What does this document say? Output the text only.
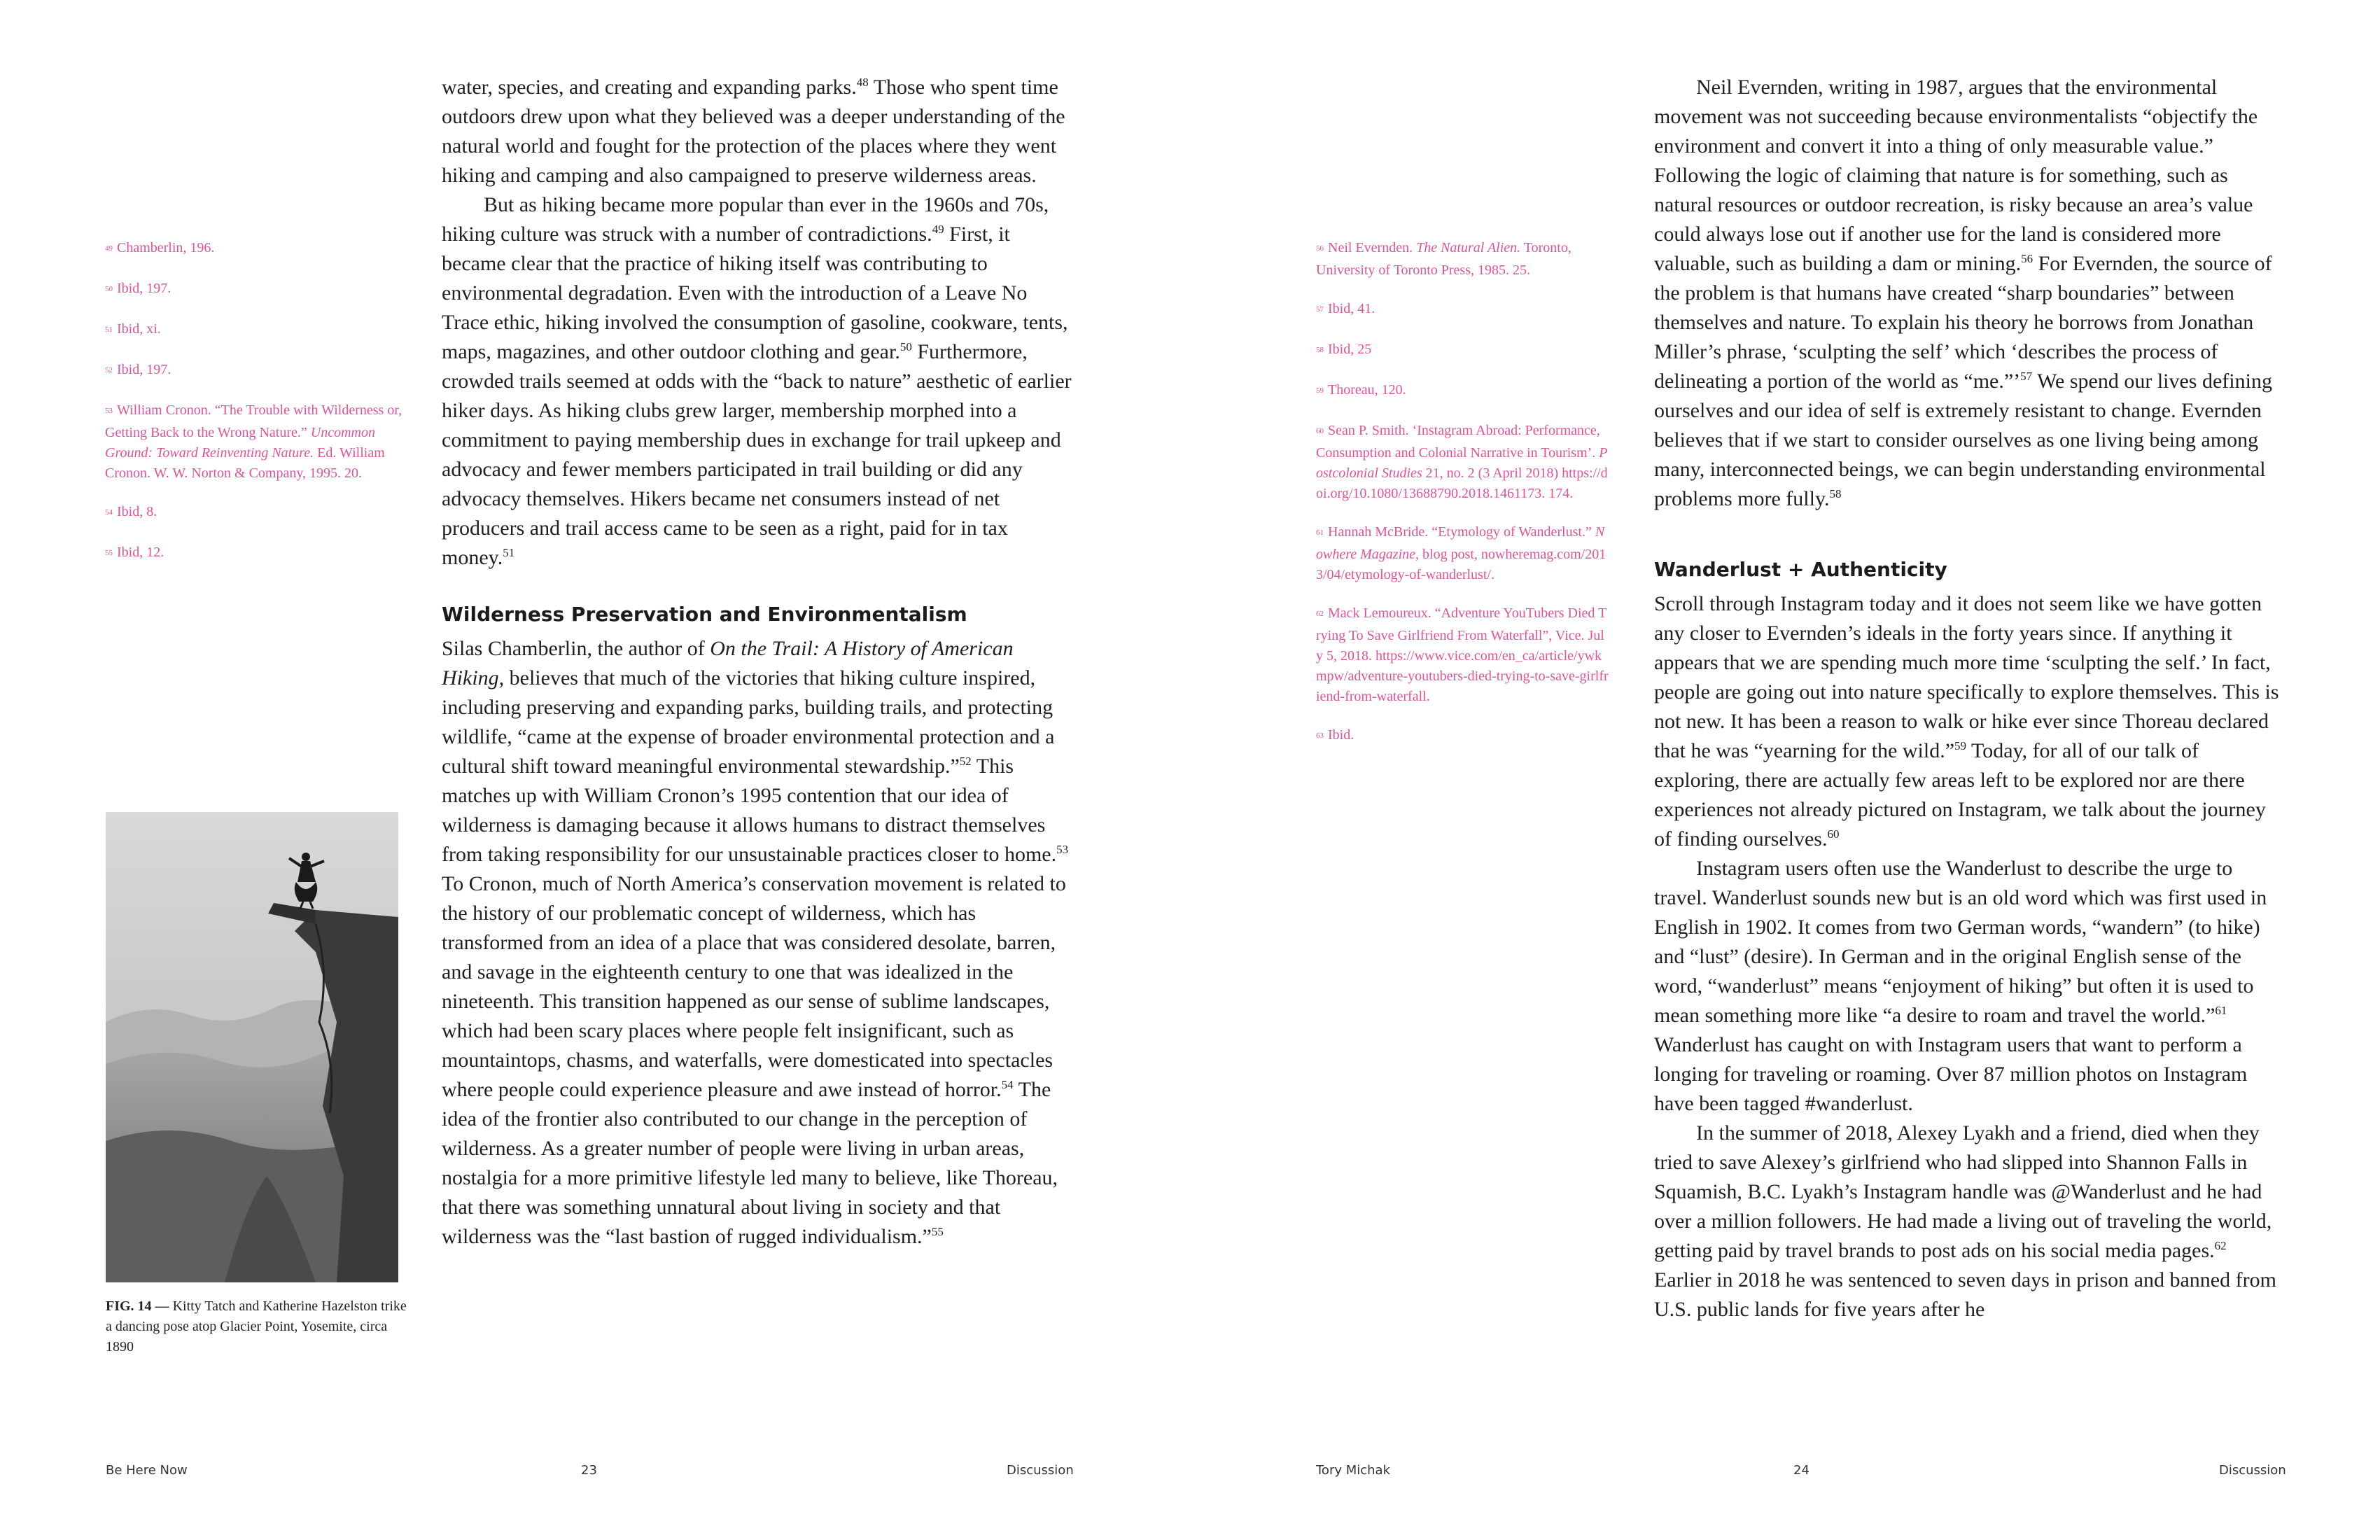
$^{49}$ Chamberlin, 196.
$^{50}$ Ibid, 197.
$^{51}$ Ibid, xi.
$^{52}$ Ibid, 197.
$^{53}$ William Cronon. “The Trouble with Wilderness or, Getting Back to the Wrong Nature.” Uncommon Ground: Toward Reinventing Nature. Ed. William Cronon. W. W. Norton & Company, 1995. 20.
$^{54}$ Ibid, 8.
$^{55}$ Ibid, 12.
FIG. 14 — Kitty Tatch and Katherine Hazelston trike a dancing pose atop Glacier Point, Yosemite, circa 1890

water, species, and creating and expanding parks.$^{48}$ Those who spent time outdoors drew upon what they believed was a deeper understanding of the natural world and fought for the protection of the places where they went hiking and camping and also campaigned to preserve wilderness areas.

But as hiking became more popular than ever in the 1960s and 70s, hiking culture was struck with a number of contradictions.$^{49}$ First, it became clear that the practice of hiking itself was contributing to environmental degradation. Even with the introduction of a Leave No Trace ethic, hiking involved the consumption of gasoline, cookware, tents, maps, magazines, and other outdoor clothing and gear.$^{50}$ Furthermore, crowded trails seemed at odds with the “back to nature” aesthetic of earlier hiker days. As hiking clubs grew larger, membership morphed into a commitment to paying membership dues in exchange for trail upkeep and advocacy and fewer members participated in trail building or did any advocacy themselves. Hikers became net consumers instead of net producers and trail access came to be seen as a right, paid for in tax money.$^{51}$

Wilderness Preservation and Environmentalism

Silas Chamberlin, the author of On the Trail: A History of American Hiking, believes that much of the victories that hiking culture inspired, including preserving and expanding parks, building trails, and protecting wildlife, “came at the expense of broader environmental protection and a cultural shift toward meaningful environmental stewardship.”$^{52}$ This matches up with William Cronon’s 1995 contention that our idea of wilderness is damaging because it allows humans to distract themselves from taking responsibility for our unsustainable practices closer to home.$^{53}$ To Cronon, much of North America’s conservation movement is related to the history of our problematic concept of wilderness, which has transformed from an idea of a place that was considered desolate, barren, and savage in the eighteenth century to one that was idealized in the nineteenth. This transition happened as our sense of sublime landscapes, which had been scary places where people felt insignificant, such as mountaintops, chasms, and waterfalls, were domesticated into spectacles where people could experience pleasure and awe instead of horror.$^{54}$ The idea of the frontier also contributed to our change in the perception of wilderness. As a greater number of people were living in urban areas, nostalgia for a more primitive lifestyle led many to believe, like Thoreau, that there was something unnatural about living in society and that wilderness was the “last bastion of rugged individualism.”$^{55}$

Be Here Now	23	Discussion

Neil Evernden, writing in 1987, argues that the environmental movement was not succeeding because environmentalists “objectify the environment and convert it into a thing of only measurable value.” Following the logic of claiming that nature is for something, such as natural resources or outdoor recreation, is risky because an area’s value could always lose out if another use for the land is considered more valuable, such as building a dam or mining.$^{56}$ For Evernden, the source of the problem is that humans have created “sharp boundaries” between themselves and nature. To explain his theory he borrows from Jonathan Miller’s phrase, ‘sculpting the self’ which ‘describes the process of delineating a portion of the world as “me.”’$^{57}$ We spend our lives defining ourselves and our idea of self is extremely resistant to change. Evernden believes that if we start to consider ourselves as one living being among many, interconnected beings, we can begin understanding environmental problems more fully.$^{58}$

Wanderlust + Authenticity

Scroll through Instagram today and it does not seem like we have gotten any closer to Evernden’s ideals in the forty years since. If anything it appears that we are spending much more time ‘sculpting the self.’ In fact, people are going out into nature specifically to explore themselves. This is not new. It has been a reason to walk or hike ever since Thoreau declared that he was “yearning for the wild.”$^{59}$ Today, for all of our talk of exploring, there are actually few areas left to be explored nor are there experiences not already pictured on Instagram, we talk about the journey of finding ourselves.$^{60}$

Instagram users often use the Wanderlust to describe the urge to travel. Wanderlust sounds new but is an old word which was first used in English in 1902. It comes from two German words, “wandern” (to hike) and “lust” (desire). In German and in the original English sense of the word, “wanderlust” means “enjoyment of hiking” but often it is used to mean something more like “a desire to roam and travel the world.”$^{61}$ Wanderlust has caught on with Instagram users that want to perform a longing for traveling or roaming. Over 87 million photos on Instagram have been tagged #wanderlust.

In the summer of 2018, Alexey Lyakh and a friend, died when they tried to save Alexey’s girlfriend who had slipped into Shannon Falls in Squamish, B.C. Lyakh’s Instagram handle was @Wanderlust and he had over a million followers. He had made a living out of traveling the world, getting paid by travel brands to post ads on his social media pages.$^{62}$ Earlier in 2018 he was sentenced to seven days in prison and banned from U.S. public lands for five years after he

$^{56}$ Neil Evernden. The Natural Alien. Toronto, University of Toronto Press, 1985. 25.
$^{57}$ Ibid, 41.
$^{58}$ Ibid, 25
$^{59}$ Thoreau, 120.
$^{60}$ Sean P. Smith. ‘Instagram Abroad: Performance, Consumption and Colonial Narrative in Tourism’. Postcolonial Studies 21, no. 2 (3 April 2018) https://doi.org/10.1080/13688790.2018.1461173. 174.
$^{61}$ Hannah McBride. “Etymology of Wanderlust.” Nowhere Magazine, blog post, nowheremag.com/2013/04/etymology-of-wanderlust/.
$^{62}$ Mack Lemoureux. “Adventure YouTubers Died Trying To Save Girlfriend From Waterfall”, Vice. July 5, 2018. https://www.vice.com/en_ca/article/ywkmpw/adventure-youtubers-died-trying-to-save-girlfriend-from-waterfall.
$^{63}$ Ibid.
Tory Michak	24	Discussion
